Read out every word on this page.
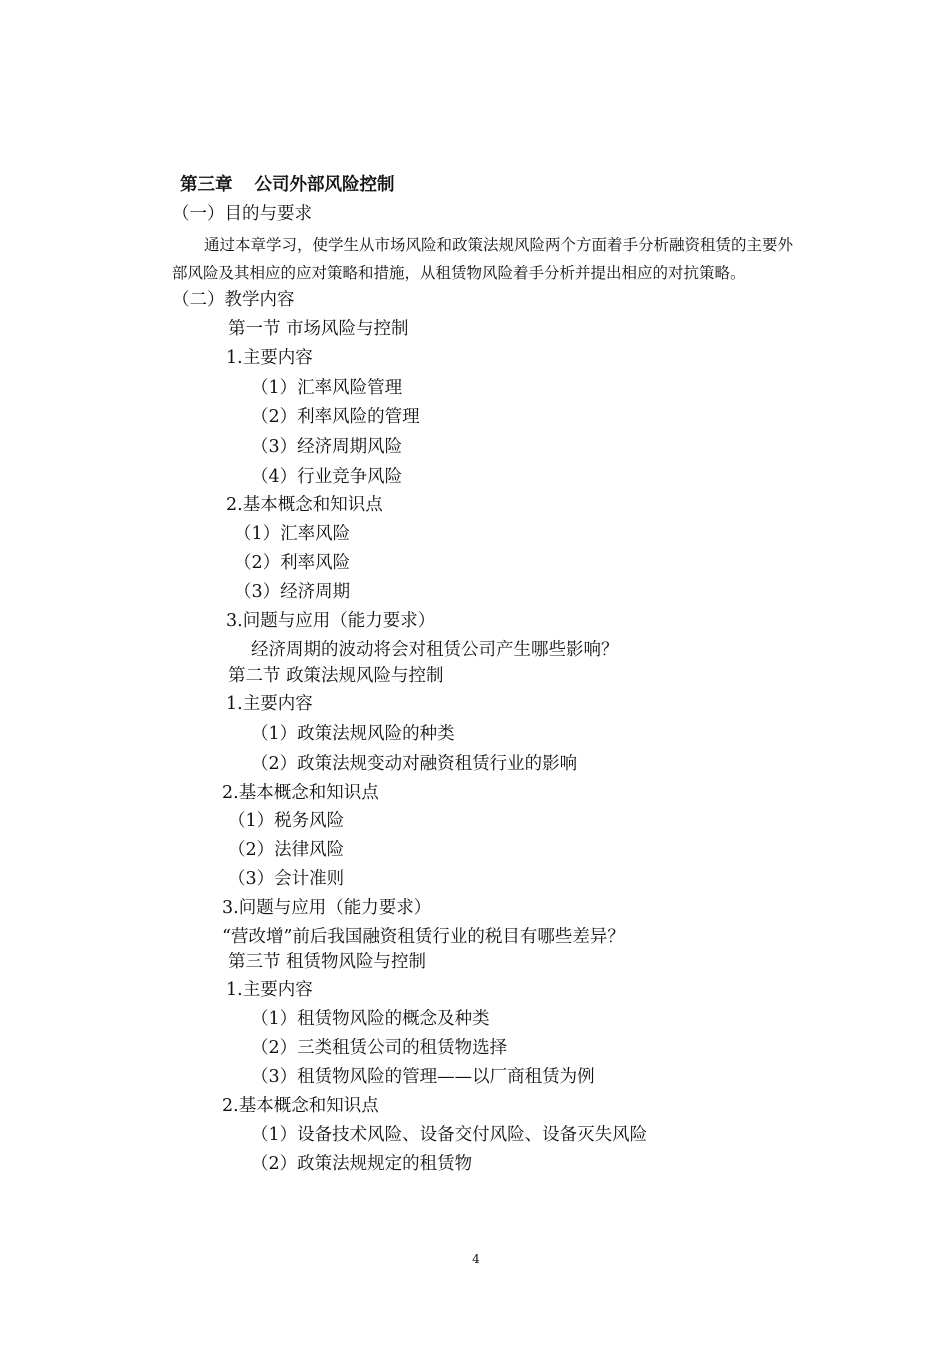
第三章 公司外部风险控制
（一）目的与要求
通过本章学习，使学生从市场风险和政策法规风险两个方面着手分析融资租赁的主要外
部风险及其相应的应对策略和措施，从租赁物风险着手分析并提出相应的对抗策略。
（二）教学内容
第一节 市场风险与控制
1.主要内容
（1）汇率风险管理
（2）利率风险的管理
（3）经济周期风险
（4）行业竞争风险
2.基本概念和知识点
（1）汇率风险
（2）利率风险
（3）经济周期
3.问题与应用（能力要求）
经济周期的波动将会对租赁公司产生哪些影响？
第二节 政策法规风险与控制
1.主要内容
（1）政策法规风险的种类
（2）政策法规变动对融资租赁行业的影响
2.基本概念和知识点
（1）税务风险
（2）法律风险
（3）会计准则
3.问题与应用（能力要求）
“营改增”前后我国融资租赁行业的税目有哪些差异？
第三节 租赁物风险与控制
1.主要内容
（1）租赁物风险的概念及种类
（2）三类租赁公司的租赁物选择
（3）租赁物风险的管理——以厂商租赁为例
2.基本概念和知识点
（1）设备技术风险、设备交付风险、设备灭失风险
（2）政策法规规定的租赁物
4
